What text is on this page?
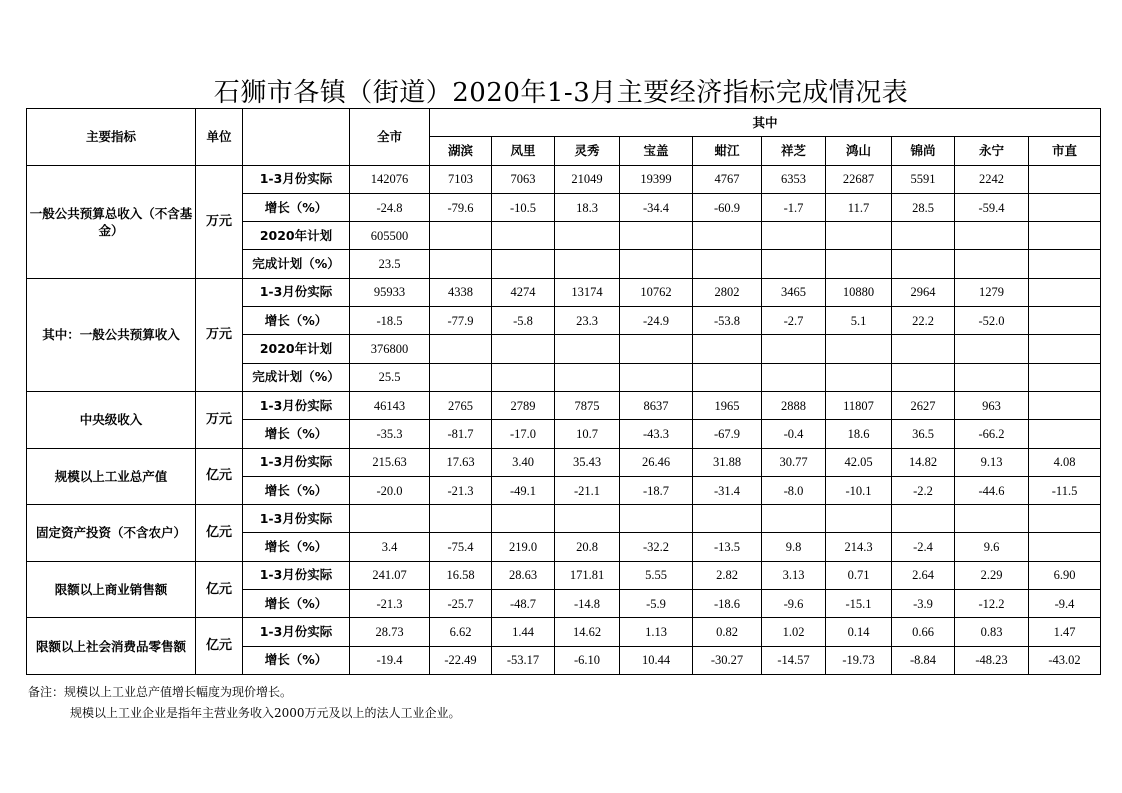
石狮市各镇（街道）2020年1-3月主要经济指标完成情况表
主要指标	单位		全市	其中									
				湖滨	凤里	灵秀	宝盖	蚶江	祥芝	鸿山	锦尚	永宁	市直
一般公共预算总收入（不含基金）	万元	1-3月份实际	142076	7103	7063	21049	19399	4767	6353	22687	5591	2242	
		增长（%）	-24.8	-79.6	-10.5	18.3	-34.4	-60.9	-1.7	11.7	28.5	-59.4	
		2020年计划	605500										
		完成计划（%）	23.5										
其中：一般公共预算收入	万元	1-3月份实际	95933	4338	4274	13174	10762	2802	3465	10880	2964	1279	
		增长（%）	-18.5	-77.9	-5.8	23.3	-24.9	-53.8	-2.7	5.1	22.2	-52.0	
		2020年计划	376800										
		完成计划（%）	25.5										
中央级收入	万元	1-3月份实际	46143	2765	2789	7875	8637	1965	2888	11807	2627	963	
		增长（%）	-35.3	-81.7	-17.0	10.7	-43.3	-67.9	-0.4	18.6	36.5	-66.2	
规模以上工业总产值	亿元	1-3月份实际	215.63	17.63	3.40	35.43	26.46	31.88	30.77	42.05	14.82	9.13	4.08
		增长（%）	-20.0	-21.3	-49.1	-21.1	-18.7	-31.4	-8.0	-10.1	-2.2	-44.6	-11.5
固定资产投资（不含农户）	亿元	1-3月份实际											
		增长（%）	3.4	-75.4	219.0	20.8	-32.2	-13.5	9.8	214.3	-2.4	9.6	
限额以上商业销售额	亿元	1-3月份实际	241.07	16.58	28.63	171.81	5.55	2.82	3.13	0.71	2.64	2.29	6.90
		增长（%）	-21.3	-25.7	-48.7	-14.8	-5.9	-18.6	-9.6	-15.1	-3.9	-12.2	-9.4
限额以上社会消费品零售额	亿元	1-3月份实际	28.73	6.62	1.44	14.62	1.13	0.82	1.02	0.14	0.66	0.83	1.47
		增长（%）	-19.4	-22.49	-53.17	-6.10	10.44	-30.27	-14.57	-19.73	-8.84	-48.23	-43.02
备注：规模以上工业总产值增长幅度为现价增长。
规模以上工业企业是指年主营业务收入2000万元及以上的法人工业企业。
